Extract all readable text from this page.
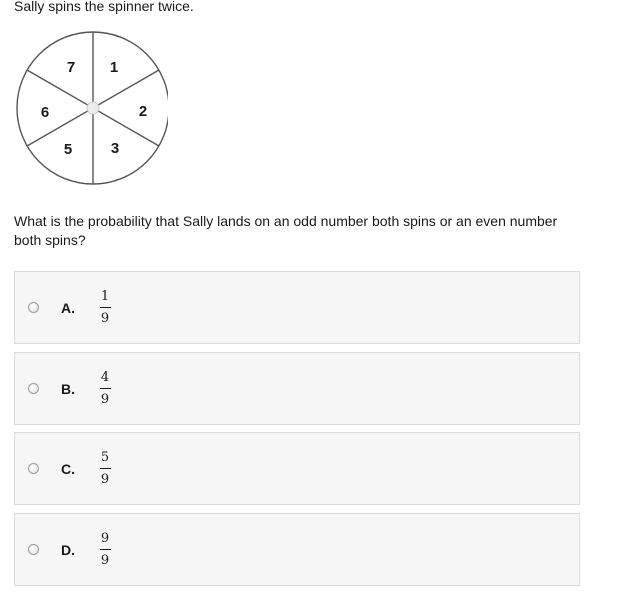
Sally spins the spinner twice.
1
2
3
5
6
7
What is the probability that Sally lands on an odd number both spins or an even number both spins?
A.
1
9
B.
4
9
C.
5
9
D.
9
9
